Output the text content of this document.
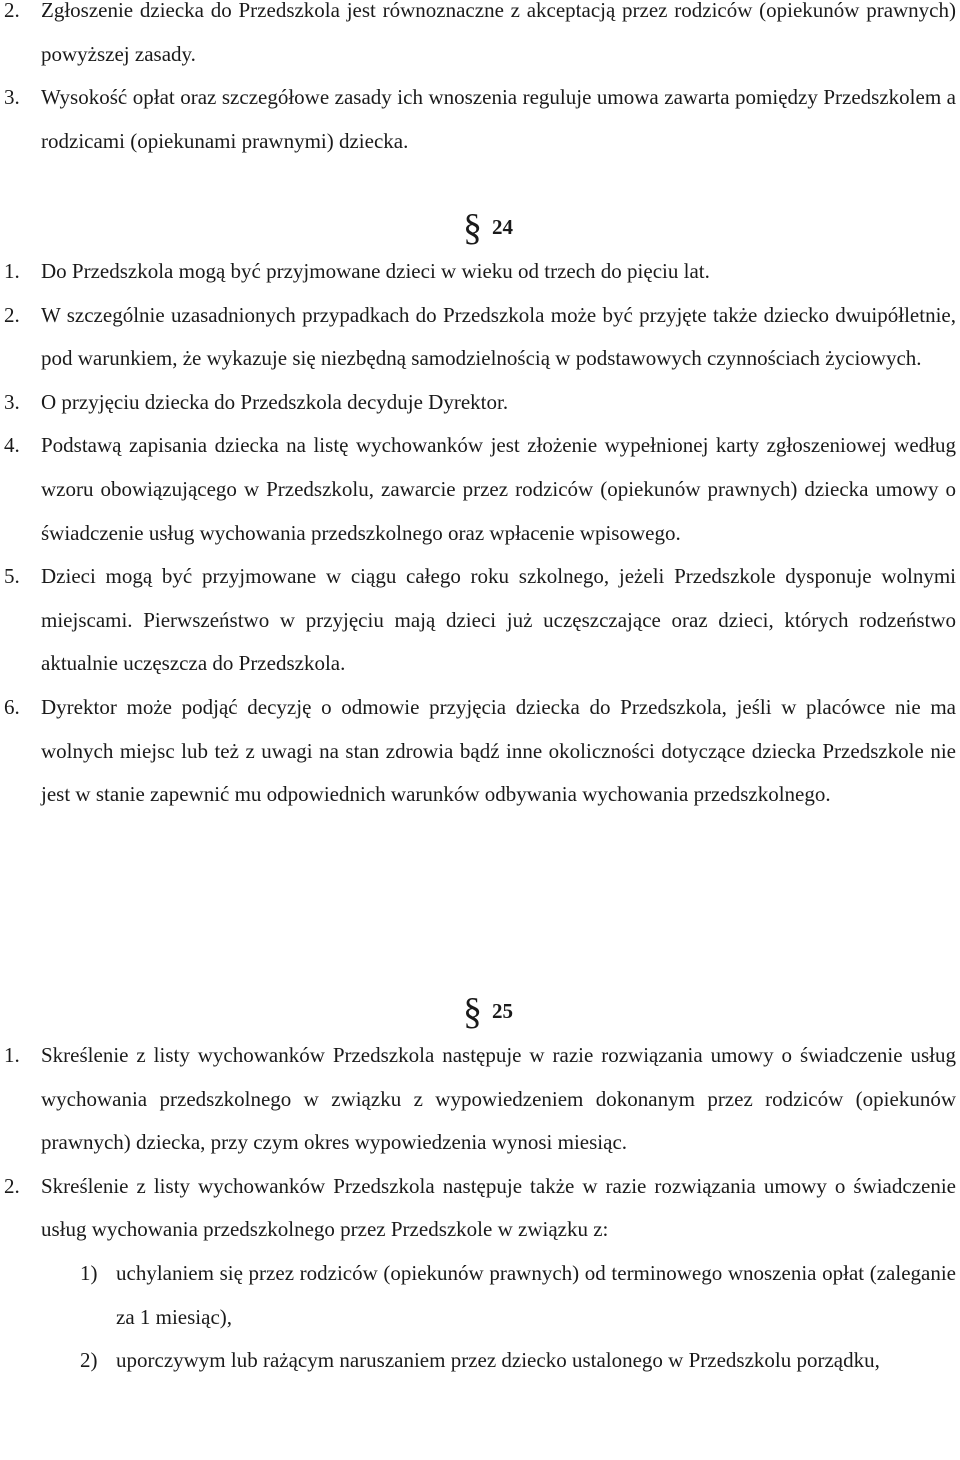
2. Zgłoszenie dziecka do Przedszkola jest równoznaczne z akceptacją przez rodziców (opiekunów prawnych) powyższej zasady.
3. Wysokość opłat oraz szczegółowe zasady ich wnoszenia reguluje umowa zawarta pomiędzy Przedszkolem a rodzicami (opiekunami prawnymi) dziecka.
§ 24
1. Do Przedszkola mogą być przyjmowane dzieci w wieku od trzech do pięciu lat.
2. W szczególnie uzasadnionych przypadkach do Przedszkola może być przyjęte także dziecko dwuipółletnie, pod warunkiem, że wykazuje się niezbędną samodzielnością w podstawowych czynnościach życiowych.
3. O przyjęciu dziecka do Przedszkola decyduje Dyrektor.
4. Podstawą zapisania dziecka na listę wychowanków jest złożenie wypełnionej karty zgłoszeniowej według wzoru obowiązującego w Przedszkolu, zawarcie przez rodziców (opiekunów prawnych) dziecka umowy o świadczenie usług wychowania przedszkolnego oraz wpłacenie wpisowego.
5. Dzieci mogą być przyjmowane w ciągu całego roku szkolnego, jeżeli Przedszkole dysponuje wolnymi miejscami. Pierwszeństwo w przyjęciu mają dzieci już uczęszczające oraz dzieci, których rodzeństwo aktualnie uczęszcza do Przedszkola.
6. Dyrektor może podjąć decyzję o odmowie przyjęcia dziecka do Przedszkola, jeśli w placówce nie ma wolnych miejsc lub też z uwagi na stan zdrowia bądź inne okoliczności dotyczące dziecka Przedszkole nie jest w stanie zapewnić mu odpowiednich warunków odbywania wychowania przedszkolnego.
§ 25
1. Skreślenie z listy wychowanków Przedszkola następuje w razie rozwiązania umowy o świadczenie usług wychowania przedszkolnego w związku z wypowiedzeniem dokonanym przez rodziców (opiekunów prawnych) dziecka, przy czym okres wypowiedzenia wynosi miesiąc.
2. Skreślenie z listy wychowanków Przedszkola następuje także w razie rozwiązania umowy o świadczenie usług wychowania przedszkolnego przez Przedszkole w związku z:
1) uchylaniem się przez rodziców (opiekunów prawnych) od terminowego wnoszenia opłat (zaleganie za 1 miesiąc),
2) uporczywym lub rażącym naruszaniem przez dziecko ustalonego w Przedszkolu porządku,
